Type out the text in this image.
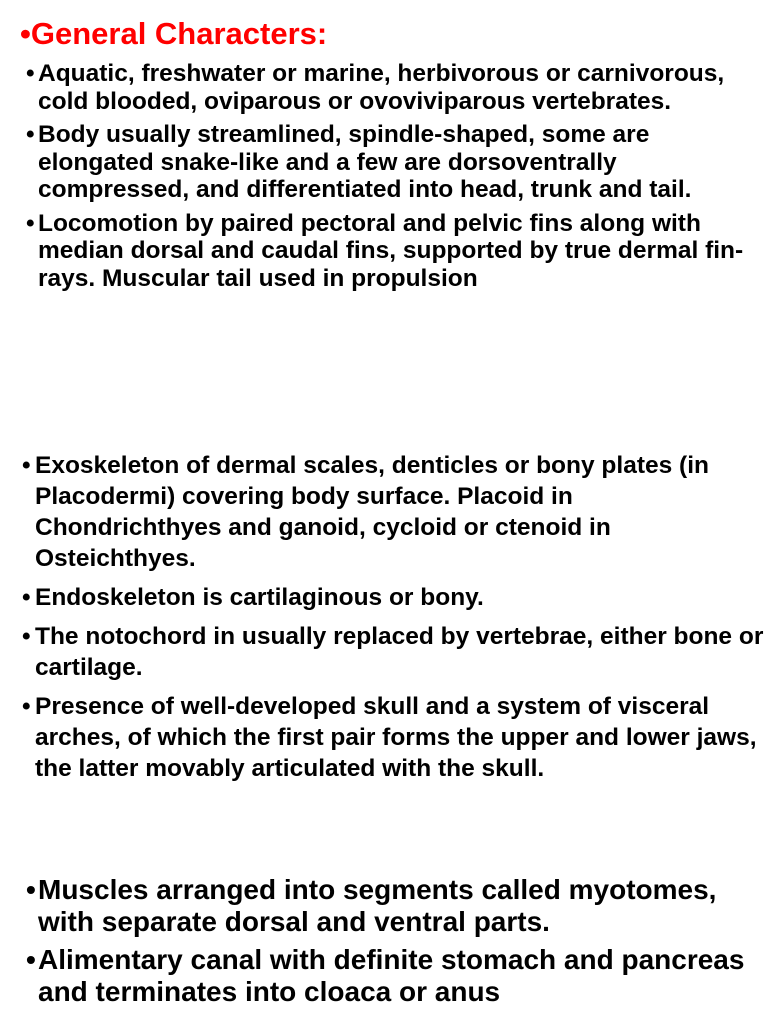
•General Characters:
• Aquatic, freshwater or marine, herbivorous or carnivorous, cold blooded, oviparous or ovoviviparous vertebrates.
• Body usually streamlined, spindle-shaped, some are elongated snake-like and a few are dorsoventrally compressed, and differentiated into head, trunk and tail.
• Locomotion by paired pectoral and pelvic fins along with median dorsal and caudal fins, supported by true dermal fin-rays. Muscular tail used in propulsion
• Exoskeleton of dermal scales, denticles or bony plates (in Placodermi) covering body surface. Placoid in Chondrichthyes and ganoid, cycloid or ctenoid in Osteichthyes.
• Endoskeleton is cartilaginous or bony.
• The notochord in usually replaced by vertebrae, either bone or cartilage.
• Presence of well-developed skull and a system of visceral arches, of which the first pair forms the upper and lower jaws, the latter movably articulated with the skull.
• Muscles arranged into segments called myotomes, with separate dorsal and ventral parts.
• Alimentary canal with definite stomach and pancreas and terminates into cloaca or anus
